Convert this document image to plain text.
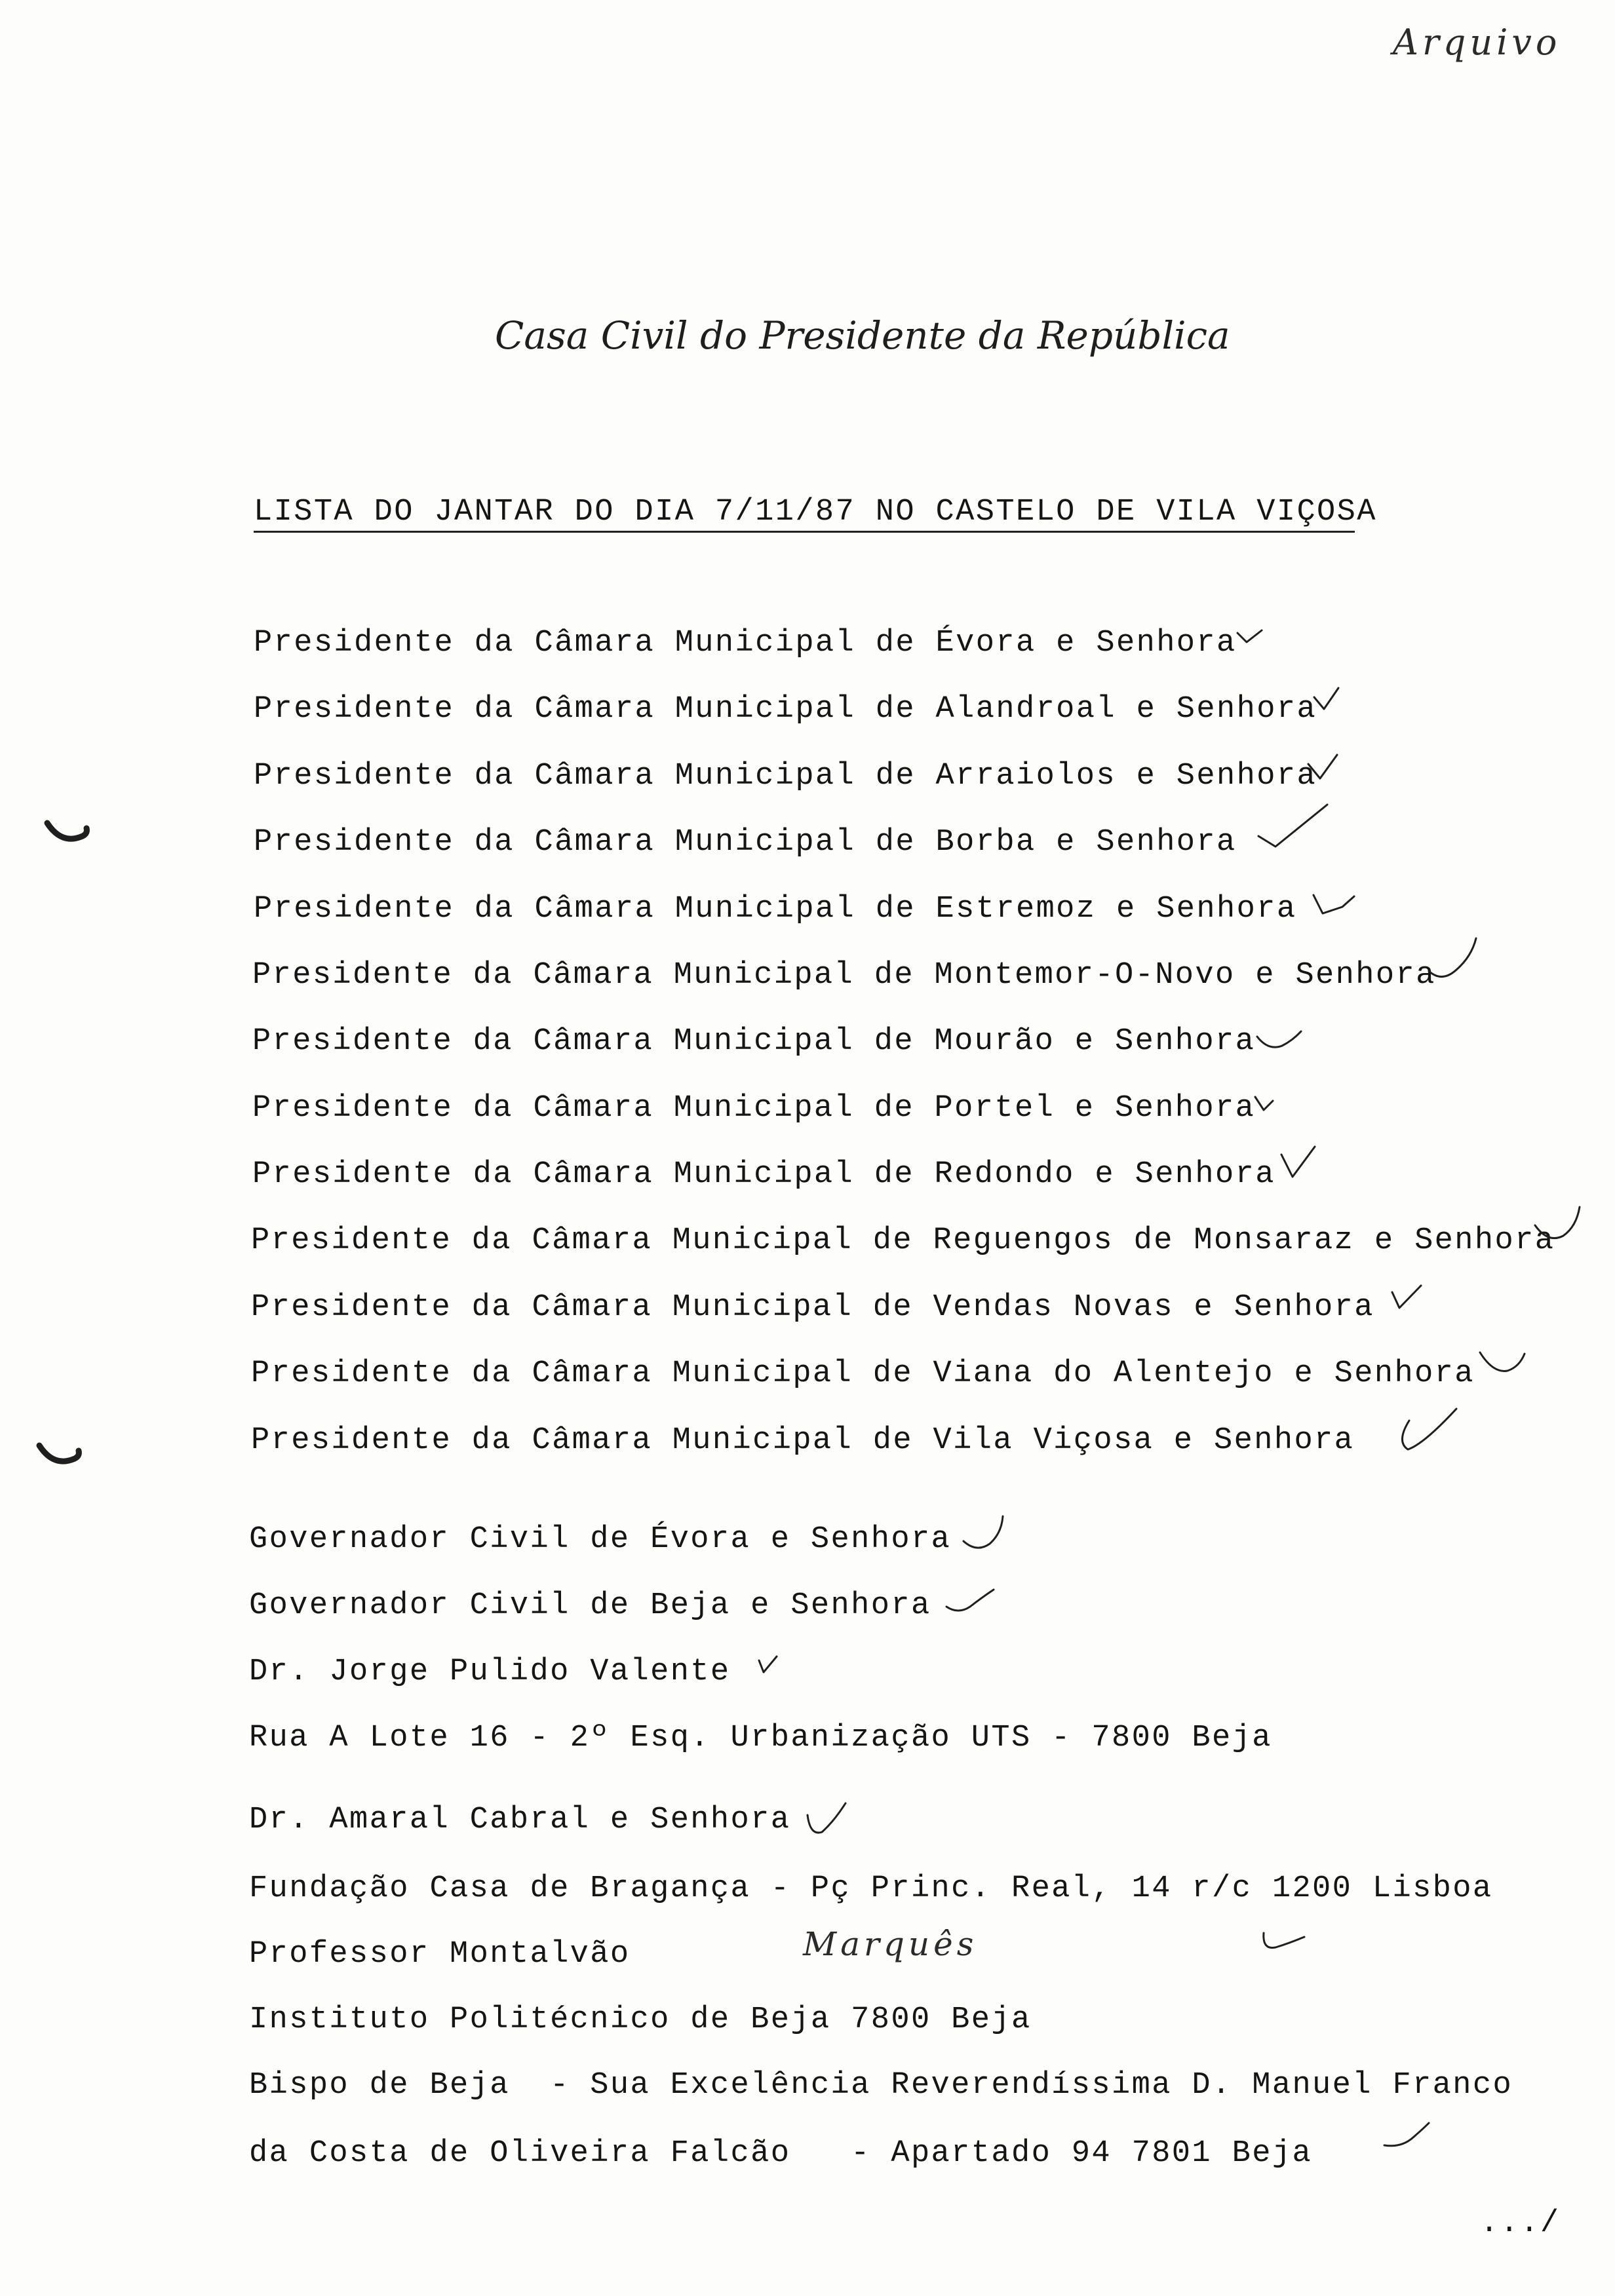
Arquivo
Casa Civil do Presidente da República
LISTA DO JANTAR DO DIA 7/11/87 NO CASTELO DE VILA VIÇOSA
Presidente da Câmara Municipal de Évora e Senhora
Presidente da Câmara Municipal de Alandroal e Senhora
Presidente da Câmara Municipal de Arraiolos e Senhora
Presidente da Câmara Municipal de Borba e Senhora
Presidente da Câmara Municipal de Estremoz e Senhora
Presidente da Câmara Municipal de Montemor-O-Novo e Senhora
Presidente da Câmara Municipal de Mourão e Senhora
Presidente da Câmara Municipal de Portel e Senhora
Presidente da Câmara Municipal de Redondo e Senhora
Presidente da Câmara Municipal de Reguengos de Monsaraz e Senhora
Presidente da Câmara Municipal de Vendas Novas e Senhora
Presidente da Câmara Municipal de Viana do Alentejo e Senhora
Presidente da Câmara Municipal de Vila Viçosa e Senhora
Governador Civil de Évora e Senhora
Governador Civil de Beja e Senhora
Dr. Jorge Pulido Valente
Rua A Lote 16 - 2º Esq. Urbanização UTS - 7800 Beja
Dr. Amaral Cabral e Senhora
Fundação Casa de Bragança - Pç Princ. Real, 14 r/c 1200 Lisboa
Professor Montalvão
Instituto Politécnico de Beja 7800 Beja
Bispo de Beja  - Sua Excelência Reverendíssima D. Manuel Franco
da Costa de Oliveira Falcão   - Apartado 94 7801 Beja
Marquês
.../
